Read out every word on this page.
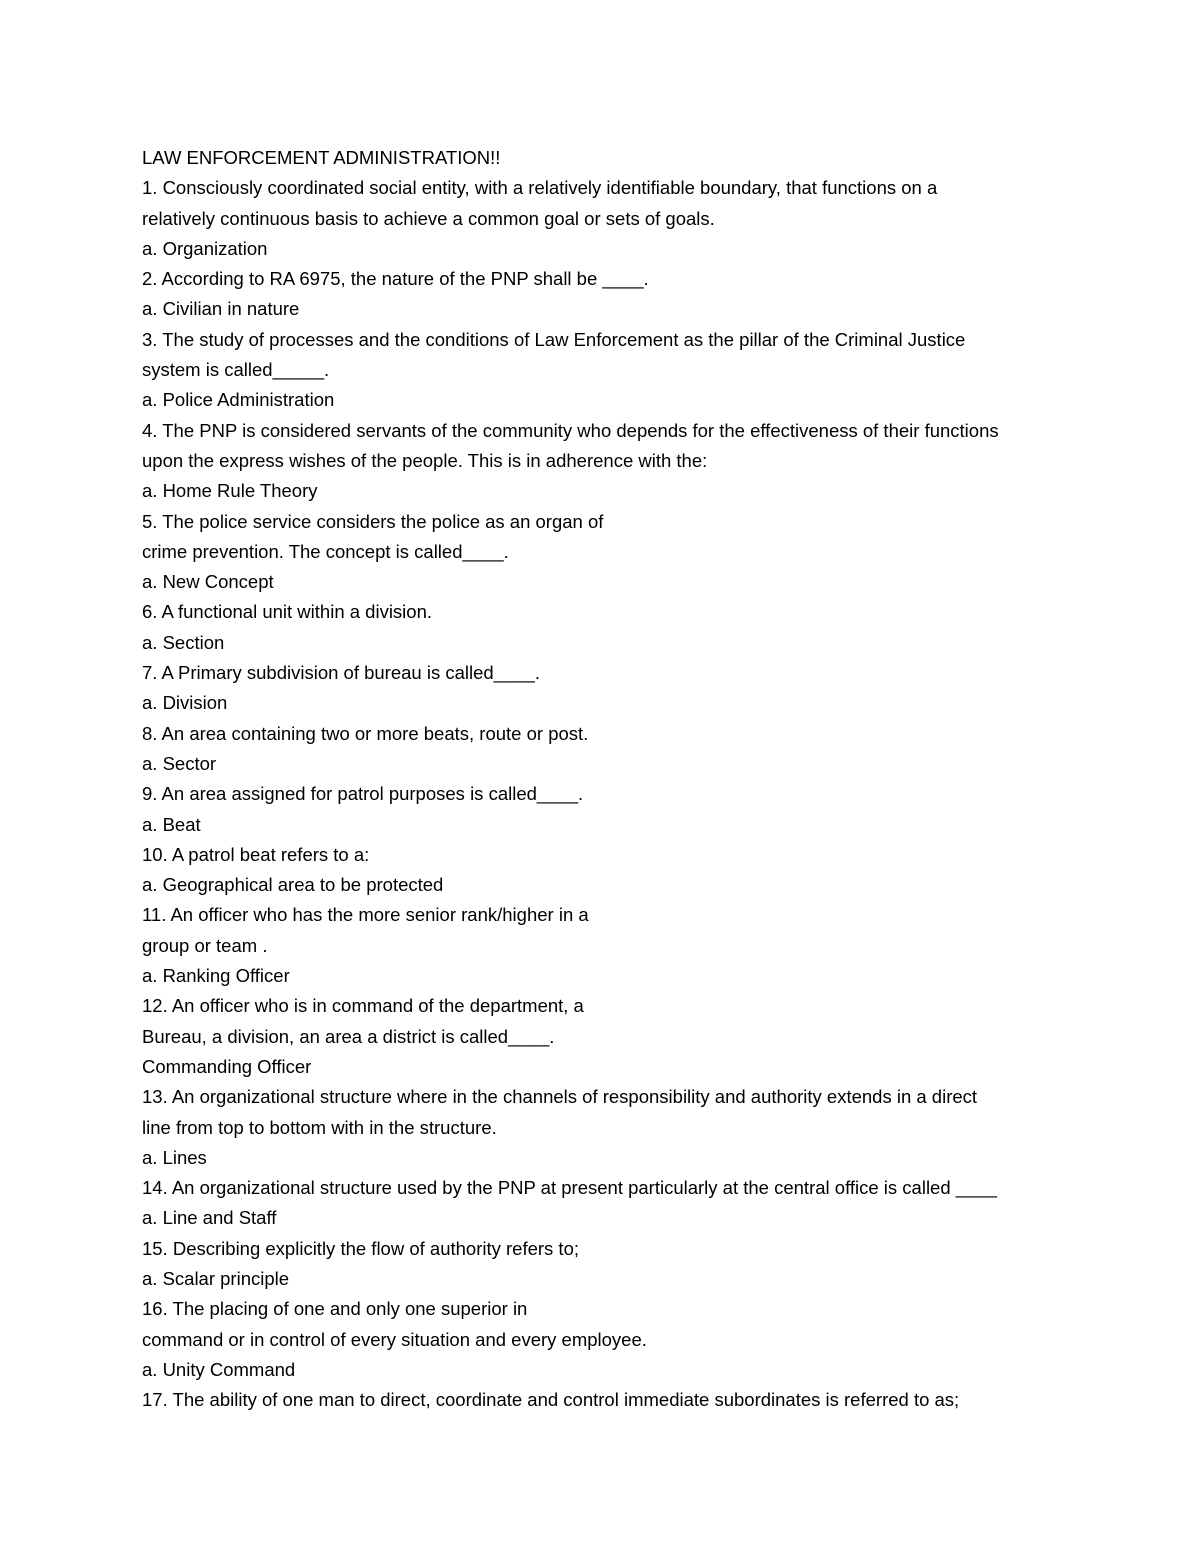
LAW ENFORCEMENT ADMINISTRATION!!
1. Consciously coordinated social entity, with a relatively identifiable boundary, that functions on a
relatively continuous basis to achieve a common goal or sets of goals.
a. Organization
2. According to RA 6975, the nature of the PNP shall be ____.
a. Civilian in nature
3. The study of processes and the conditions of Law Enforcement as the pillar of the Criminal Justice
system is called_____.
a. Police Administration
4. The PNP is considered servants of the community who depends for the effectiveness of their functions
upon the express wishes of the people. This is in adherence with the:
a. Home Rule Theory
5. The police service considers the police as an organ of
crime prevention. The concept is called____.
a. New Concept
6. A functional unit within a division.
a. Section
7. A Primary subdivision of bureau is called____.
a. Division
8. An area containing two or more beats, route or post.
a. Sector
9. An area assigned for patrol purposes is called____.
a. Beat
10. A patrol beat refers to a:
a. Geographical area to be protected
11. An officer who has the more senior rank/higher in a
group or team .
a. Ranking Officer
12. An officer who is in command of the department, a
Bureau, a division, an area a district is called____.
Commanding Officer
13. An organizational structure where in the channels of responsibility and authority extends in a direct
line from top to bottom with in the structure.
a. Lines
14. An organizational structure used by the PNP at present particularly at the central office is called ____
a. Line and Staff
15. Describing explicitly the flow of authority refers to;
a. Scalar principle
16. The placing of one and only one superior in
command or in control of every situation and every employee.
a. Unity Command
17. The ability of one man to direct, coordinate and control immediate subordinates is referred to as;
